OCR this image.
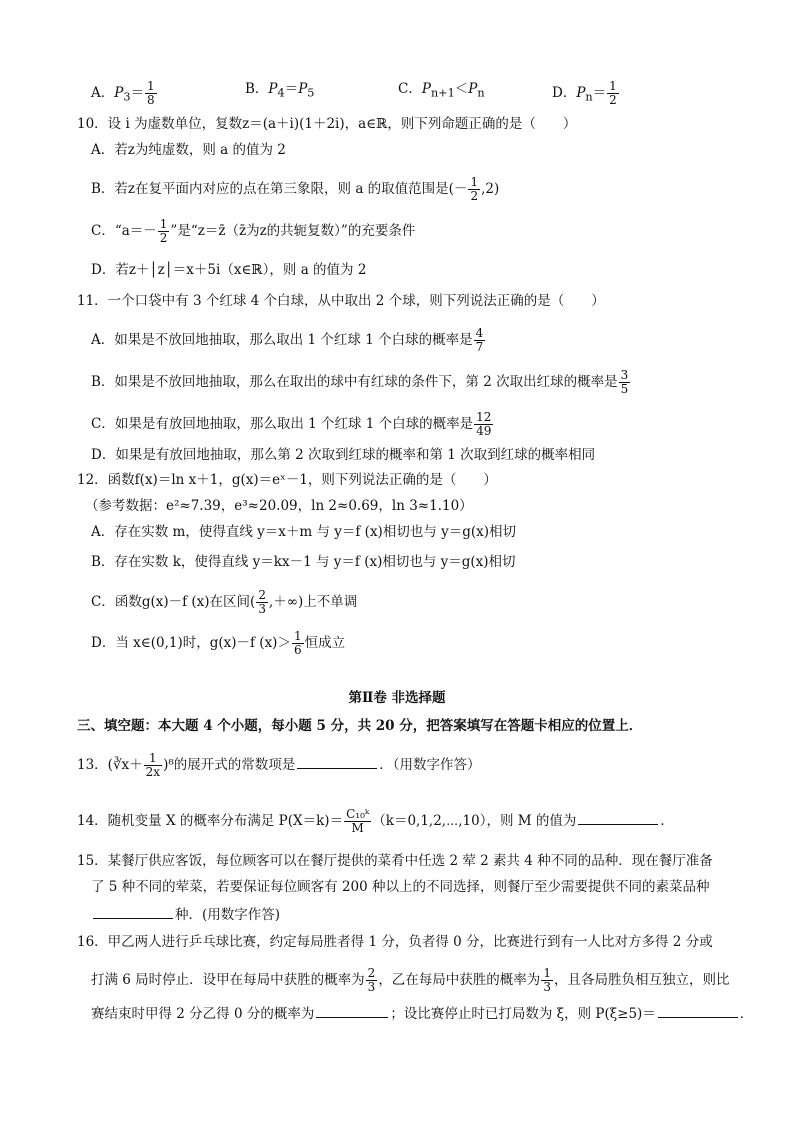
A．$P_3= \frac{1}{8}$	B．$P_4=P_5$	C．$P_{n+1}<P_n$	D．$P_n= \frac{1}{2}$
10．设 i 为虚数单位，复数z＝(a＋i)(1＋2i)，a∈ℝ，则下列命题正确的是（　　）
A．若z为纯虚数，则 a 的值为 2
B．若z在复平面内对应的点在第三象限，则 a 的取值范围是(－ $\frac{1}{2} ,2$)
C．“$a=- \frac{1}{2}$ ”是“z＝z̄（z̄为z的共轭复数）”的充要条件
D．若z＋│z│＝x＋5i（x∈ℝ），则 a 的值为 2
11．一个口袋中有 3 个红球 4 个白球，从中取出 2 个球，则下列说法正确的是（　　）
A．如果是不放回地抽取，那么取出 1 个红球 1 个白球的概率是 $\frac{4}{7}$
B．如果是不放回地抽取，那么在取出的球中有红球的条件下，第 2 次取出红球的概率是 $\frac{3}{5}$
C．如果是有放回地抽取，那么取出 1 个红球 1 个白球的概率是 $\frac{12}{49}$
D．如果是有放回地抽取，那么第 2 次取到红球的概率和第 1 次取到红球的概率相同
12．函数f(x)＝ln x＋1，g(x)＝eˣ－1，则下列说法正确的是（　　）
（参考数据：e²≈7.39，e³≈20.09，ln 2≈0.69，ln 3≈1.10）
A．存在实数 m，使得直线 y＝x＋m 与 y＝f (x)相切也与 y＝g(x)相切
B．存在实数 k，使得直线 y＝kx－1 与 y＝f (x)相切也与 y＝g(x)相切
C．函数g(x)－f (x)在区间( $\frac{2}{3}$ ,＋∞)上不单调
D．当 x∈(0,1)时，g(x)－f $(x)> \frac{1}{6}$ 恒成立
第Ⅱ卷 非选择题
三、填空题：本大题 4 个小题，每小题 5 分，共 20 分，把答案填写在答题卡相应的位置上．
13．(∛x＋ $\frac{1}{2x} )^8$的展开式的常数项是	．（用数字作答）
14．随机变量 X 的概率分布满足 $P(X=k)= \frac{\text{C₁₀ᵏ}}{M}$ （k＝0,1,2,⋯,10），则 M 的值为	．
15．某餐厅供应客饭，每位顾客可以在餐厅提供的菜肴中任选 2 荤 2 素共 4 种不同的品种．现在餐厅准备
了 5 种不同的荤菜，若要保证每位顾客有 200 种以上的不同选择，则餐厅至少需要提供不同的素菜品种
种．(用数字作答)
16．甲乙两人进行乒乓球比赛，约定每局胜者得 1 分，负者得 0 分，比赛进行到有一人比对方多得 2 分或
打满 6 局时停止．设甲在每局中获胜的概率为 $\frac{2}{3}$ ，乙在每局中获胜的概率为 $\frac{1}{3}$ ，且各局胜负相互独立，则比
赛结束时甲得 2 分乙得 0 分的概率为	；设比赛停止时已打局数为 ξ，则 P(ξ≥5)＝	．
